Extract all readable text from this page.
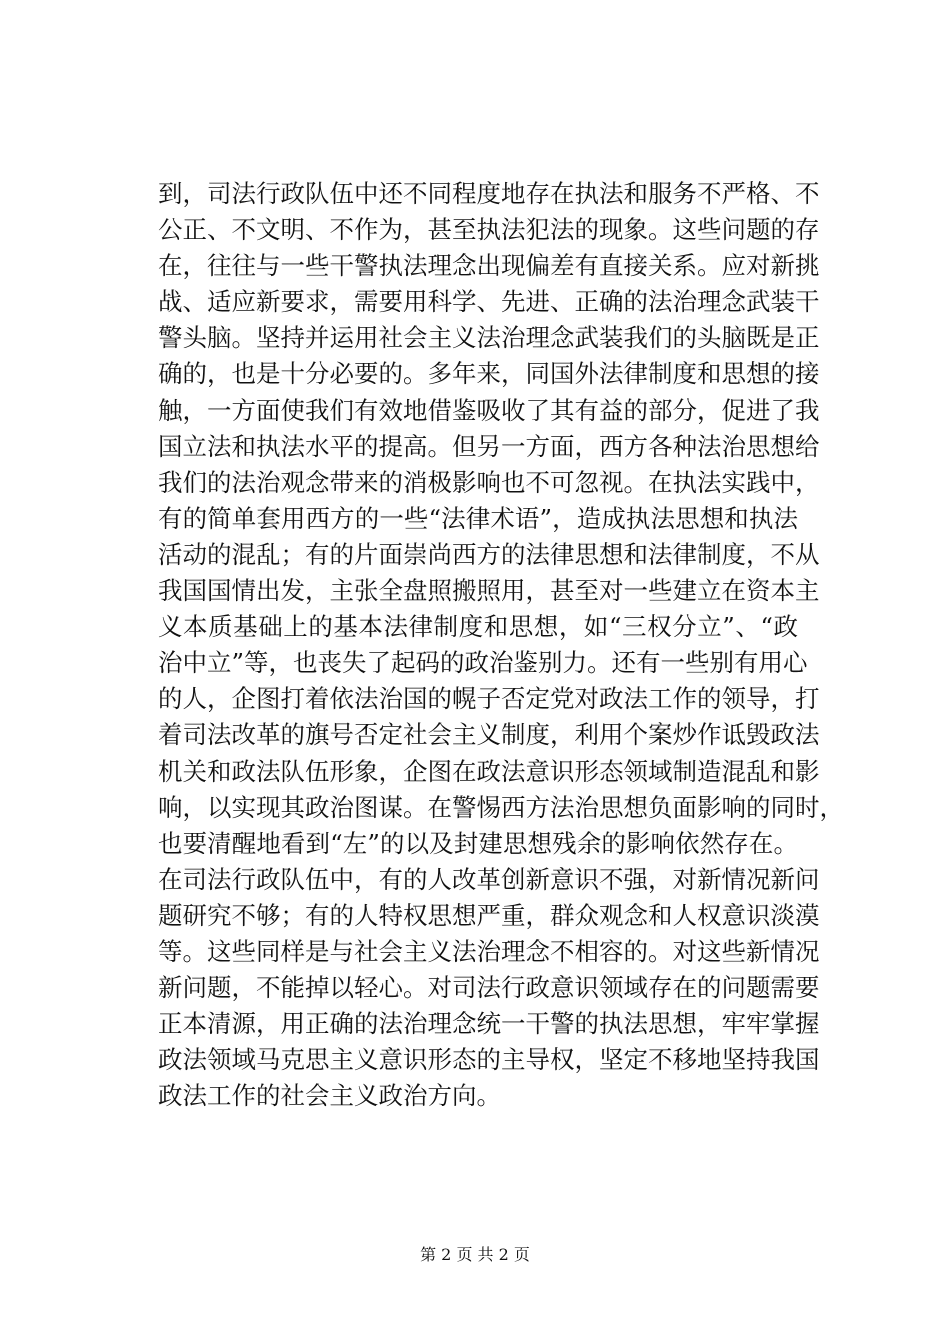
到，司法行政队伍中还不同程度地存在执法和服务不严格、不
公正、不文明、不作为，甚至执法犯法的现象。这些问题的存
在，往往与一些干警执法理念出现偏差有直接关系。应对新挑
战、适应新要求，需要用科学、先进、正确的法治理念武装干
警头脑。坚持并运用社会主义法治理念武装我们的头脑既是正
确的，也是十分必要的。多年来，同国外法律制度和思想的接
触，一方面使我们有效地借鉴吸收了其有益的部分，促进了我
国立法和执法水平的提高。但另一方面，西方各种法治思想给
我们的法治观念带来的消极影响也不可忽视。在执法实践中，
有的简单套用西方的一些“法律术语”，造成执法思想和执法
活动的混乱；有的片面崇尚西方的法律思想和法律制度，不从
我国国情出发，主张全盘照搬照用，甚至对一些建立在资本主
义本质基础上的基本法律制度和思想，如“三权分立”、“政
治中立”等，也丧失了起码的政治鉴别力。还有一些别有用心
的人，企图打着依法治国的幌子否定党对政法工作的领导，打
着司法改革的旗号否定社会主义制度，利用个案炒作诋毁政法
机关和政法队伍形象，企图在政法意识形态领域制造混乱和影
响，以实现其政治图谋。在警惕西方法治思想负面影响的同时，
也要清醒地看到“左”的以及封建思想残余的影响依然存在。
在司法行政队伍中，有的人改革创新意识不强，对新情况新问
题研究不够；有的人特权思想严重，群众观念和人权意识淡漠
等。这些同样是与社会主义法治理念不相容的。对这些新情况
新问题，不能掉以轻心。对司法行政意识领域存在的问题需要
正本清源，用正确的法治理念统一干警的执法思想，牢牢掌握
政法领域马克思主义意识形态的主导权，坚定不移地坚持我国
政法工作的社会主义政治方向。
第 2 页 共 2 页
